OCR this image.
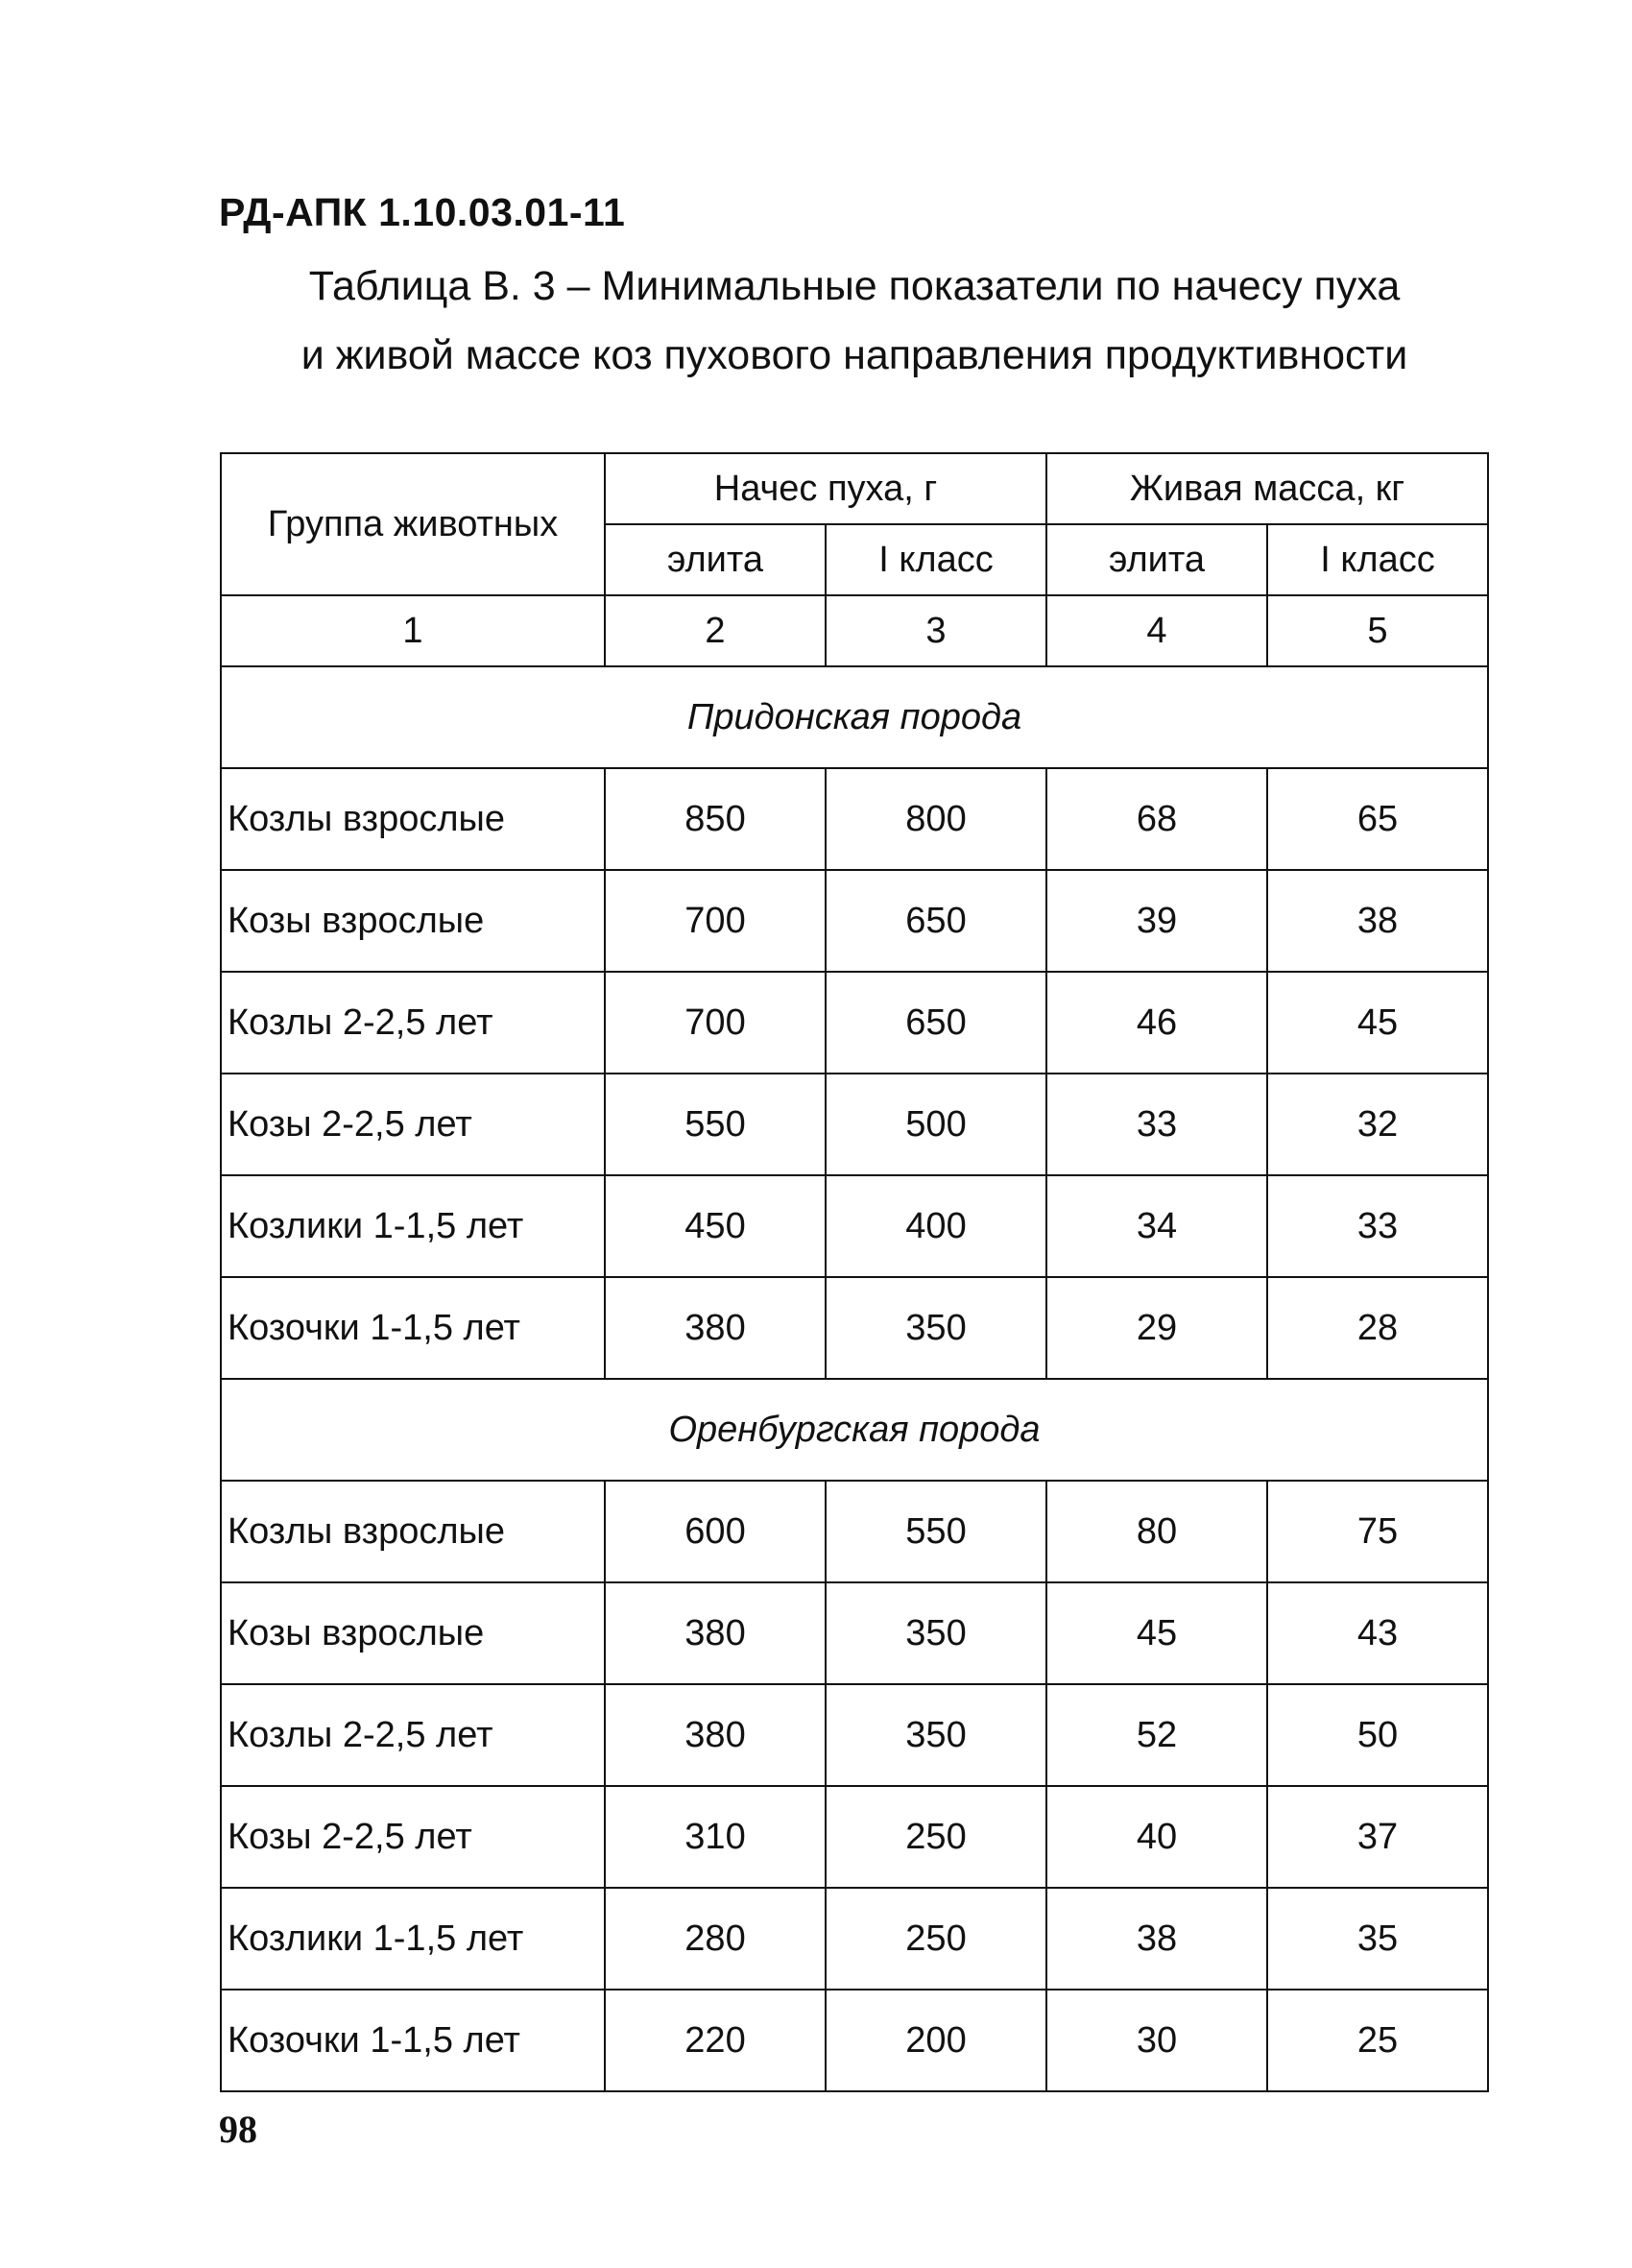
РД-АПК 1.10.03.01-11
Таблица В. 3 – Минимальные показатели по начесу пуха
и живой массе коз пухового направления продуктивности
Группа животных	Начес пуха, г		Живая масса, кг	
	элита	I класс	элита	I класс
1	2	3	4	5
Придонская порода				
Козлы взрослые	850	800	68	65
Козы взрослые	700	650	39	38
Козлы 2-2,5 лет	700	650	46	45
Козы 2-2,5 лет	550	500	33	32
Козлики 1-1,5 лет	450	400	34	33
Козочки 1-1,5 лет	380	350	29	28
Оренбургская порода				
Козлы взрослые	600	550	80	75
Козы взрослые	380	350	45	43
Козлы 2-2,5 лет	380	350	52	50
Козы 2-2,5 лет	310	250	40	37
Козлики 1-1,5 лет	280	250	38	35
Козочки 1-1,5 лет	220	200	30	25
98
